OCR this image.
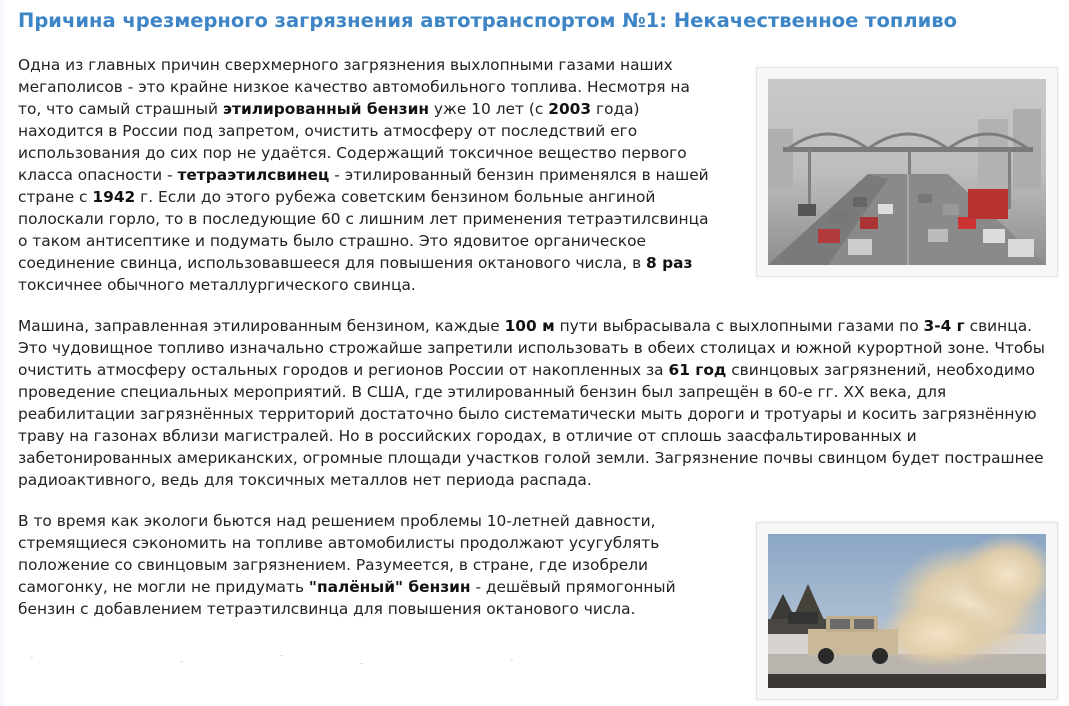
Причина чрезмерного загрязнения автотранспортом №1: Некачественное топливо

Одна из главных причин сверхмерного загрязнения выхлопными газами наших мегаполисов - это крайне низкое качество автомобильного топлива. Несмотря на то, что самый страшный этилированный бензин уже 10 лет (с 2003 года) находится в России под запретом, очистить атмосферу от последствий его использования до сих пор не удаётся. Содержащий токсичное вещество первого класса опасности - тетраэтилсвинец - этилированный бензин применялся в нашей стране с 1942 г. Если до этого рубежа советским бензином больные ангиной полоскали горло, то в последующие 60 с лишним лет применения тетраэтилсвинца о таком антисептике и подумать было страшно. Это ядовитое органическое соединение свинца, использовавшееся для повышения октанового числа, в 8 раз токсичнее обычного металлургического свинца.

Машина, заправленная этилированным бензином, каждые 100 м пути выбрасывала с выхлопными газами по 3-4 г свинца. Это чудовищное топливо изначально строжайше запретили использовать в обеих столицах и южной курортной зоне. Чтобы очистить атмосферу остальных городов и регионов России от накопленных за 61 год свинцовых загрязнений, необходимо проведение специальных мероприятий. В США, где этилированный бензин был запрещён в 60-е гг. ХХ века, для реабилитации загрязнённых территорий достаточно было систематически мыть дороги и тротуары и косить загрязнённую траву на газонах вблизи магистралей. Но в российских городах, в отличие от сплошь заасфальтированных и забетонированных американских, огромные площади участков голой земли. Загрязнение почвы свинцом будет пострашнее радиоактивного, ведь для токсичных металлов нет периода распада.

В то время как экологи бьются над решением проблемы 10-летней давности, стремящиеся сэкономить на топливе автомобилисты продолжают усугублять положение со свинцовым загрязнением. Разумеется, в стране, где изобрели самогонку, не могли не придумать "палёный" бензин - дешёвый прямогонный бензин с добавлением тетраэтилсвинца для повышения октанового числа.
